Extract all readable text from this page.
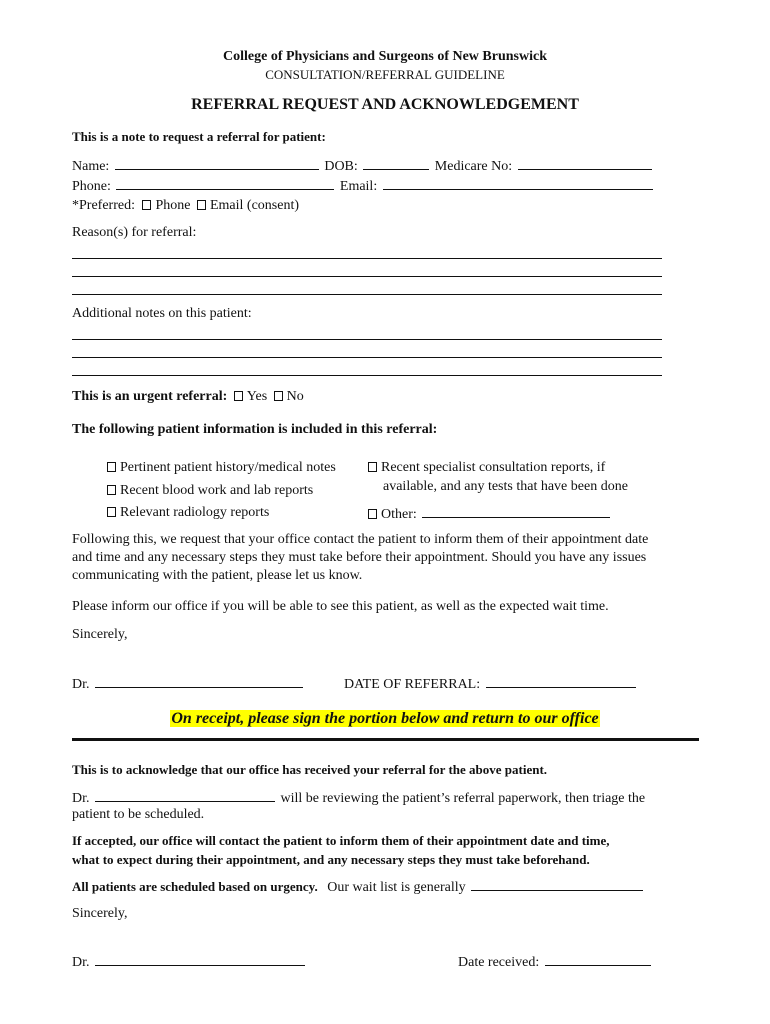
College of Physicians and Surgeons of New Brunswick
CONSULTATION/REFERRAL GUIDELINE
REFERRAL REQUEST AND ACKNOWLEDGEMENT
This is a note to request a referral for patient:
Name:	DOB:	Medicare No:
Phone:	Email:
*Preferred: Phone Email (consent)
Reason(s) for referral:
Additional notes on this patient:
This is an urgent referral: Yes No
The following patient information is included in this referral:
Pertinent patient history/medical notes
Recent blood work and lab reports
Relevant radiology reports
Recent specialist consultation reports, if
available, and any tests that have been done
Other:
Following this, we request that your office contact the patient to inform them of their appointment date
and time and any necessary steps they must take before their appointment. Should you have any issues
communicating with the patient, please let us know.
Please inform our office if you will be able to see this patient, as well as the expected wait time.
Sincerely,
Dr.	DATE OF REFERRAL:
On receipt, please sign the portion below and return to our office
This is to acknowledge that our office has received your referral for the above patient.
Dr.	will be reviewing the patient’s referral paperwork, then triage the
patient to be scheduled.
If accepted, our office will contact the patient to inform them of their appointment date and time,
what to expect during their appointment, and any necessary steps they must take beforehand.
All patients are scheduled based on urgency. Our wait list is generally
Sincerely,
Dr.	Date received:
